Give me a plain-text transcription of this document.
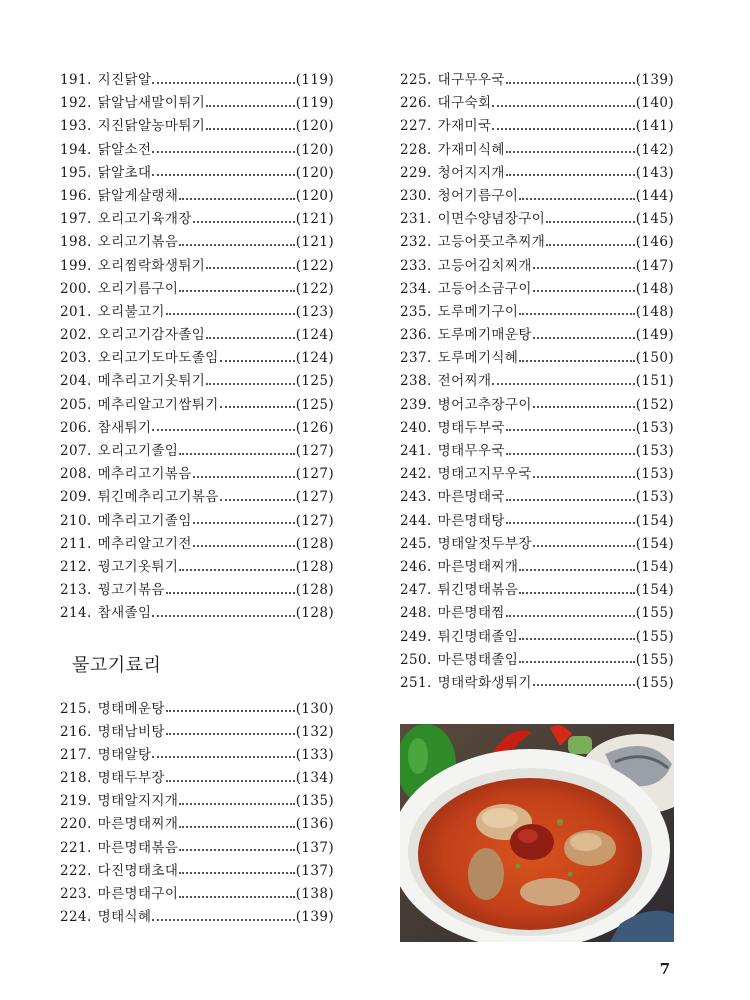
191. 지진닭알	(119)
192. 닭알남새말이튀기	(119)
193. 지진닭알농마튀기	(120)
194. 닭알소전	(120)
195. 닭알초대	(120)
196. 닭알게살랭채	(120)
197. 오리고기육개장	(121)
198. 오리고기볶음	(121)
199. 오리찜락화생튀기	(122)
200. 오리기름구이	(122)
201. 오리불고기	(123)
202. 오리고기감자졸임	(124)
203. 오리고기도마도졸임	(124)
204. 메추리고기옷튀기	(125)
205. 메추리알고기쌈튀기	(125)
206. 참새튀기	(126)
207. 오리고기졸임	(127)
208. 메추리고기볶음	(127)
209. 튀긴메추리고기볶음	(127)
210. 메추리고기졸임	(127)
211. 메추리알고기전	(128)
212. 꿩고기옷튀기	(128)
213. 꿩고기볶음	(128)
214. 참새졸임	(128)
물고기료리
215. 명태메운탕	(130)
216. 명태남비탕	(132)
217. 명태알탕	(133)
218. 명태두부장	(134)
219. 명태알지지개	(135)
220. 마른명태찌개	(136)
221. 마른명태볶음	(137)
222. 다진명태초대	(137)
223. 마른명태구이	(138)
224. 명태식혜	(139)
225. 대구무우국	(139)
226. 대구숙회	(140)
227. 가재미국	(141)
228. 가재미식혜	(142)
229. 청어지지개	(143)
230. 청어기름구이	(144)
231. 이면수양념장구이	(145)
232. 고등어풋고추찌개	(146)
233. 고등어김치찌개	(147)
234. 고등어소금구이	(148)
235. 도루메기구이	(148)
236. 도루메기매운탕	(149)
237. 도루메기식혜	(150)
238. 전어찌개	(151)
239. 병어고추장구이	(152)
240. 명태두부국	(153)
241. 명태무우국	(153)
242. 명태고지무우국	(153)
243. 마른명태국	(153)
244. 마른명태탕	(154)
245. 명태알젓두부장	(154)
246. 마른명태찌개	(154)
247. 튀긴명태볶음	(154)
248. 마른명태찜	(155)
249. 튀긴명태졸임	(155)
250. 마른명태졸임	(155)
251. 명태락화생튀기	(155)
7
